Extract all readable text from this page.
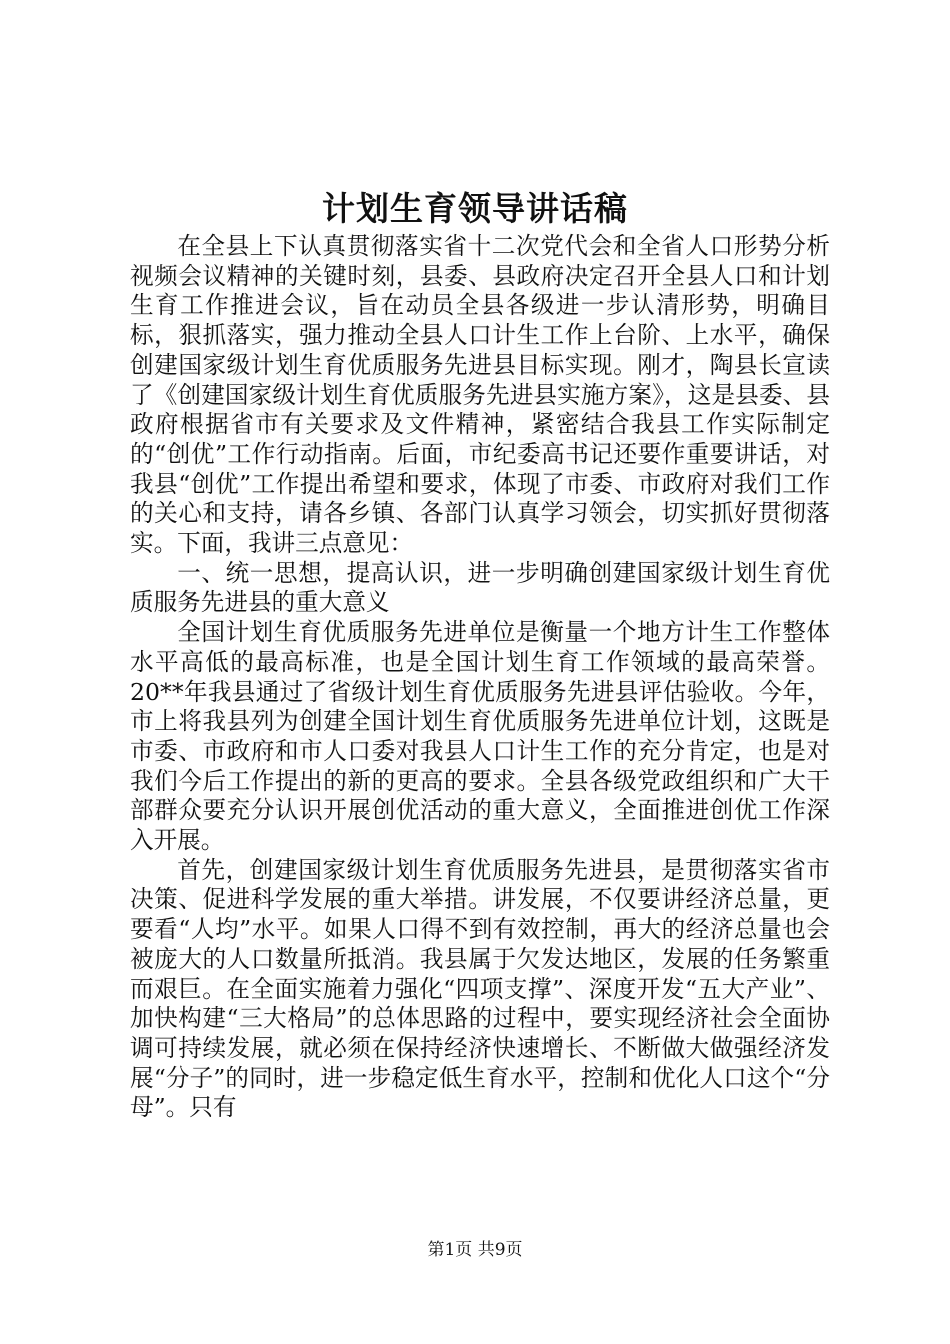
计划生育领导讲话稿

在全县上下认真贯彻落实省十二次党代会和全省人口形势分析视频会议精神的关键时刻，县委、县政府决定召开全县人口和计划生育工作推进会议，旨在动员全县各级进一步认清形势，明确目标，狠抓落实，强力推动全县人口计生工作上台阶、上水平，确保创建国家级计划生育优质服务先进县目标实现。刚才，陶县长宣读了《创建国家级计划生育优质服务先进县实施方案》，这是县委、县政府根据省市有关要求及文件精神，紧密结合我县工作实际制定的“创优”工作行动指南。后面，市纪委高书记还要作重要讲话，对我县“创优”工作提出希望和要求，体现了市委、市政府对我们工作的关心和支持，请各乡镇、各部门认真学习领会，切实抓好贯彻落实。下面，我讲三点意见：

一、统一思想，提高认识，进一步明确创建国家级计划生育优质服务先进县的重大意义

全国计划生育优质服务先进单位是衡量一个地方计生工作整体水平高低的最高标准，也是全国计划生育工作领域的最高荣誉。20**年我县通过了省级计划生育优质服务先进县评估验收。今年，市上将我县列为创建全国计划生育优质服务先进单位计划，这既是市委、市政府和市人口委对我县人口计生工作的充分肯定，也是对我们今后工作提出的新的更高的要求。全县各级党政组织和广大干部群众要充分认识开展创优活动的重大意义，全面推进创优工作深入开展。

首先，创建国家级计划生育优质服务先进县，是贯彻落实省市决策、促进科学发展的重大举措。讲发展，不仅要讲经济总量，更要看“人均”水平。如果人口得不到有效控制，再大的经济总量也会被庞大的人口数量所抵消。我县属于欠发达地区，发展的任务繁重而艰巨。在全面实施着力强化“四项支撑”、深度开发“五大产业”、加快构建“三大格局”的总体思路的过程中，要实现经济社会全面协调可持续发展，就必须在保持经济快速增长、不断做大做强经济发展“分子”的同时，进一步稳定低生育水平，控制和优化人口这个“分母”。只有

第1页 共9页
